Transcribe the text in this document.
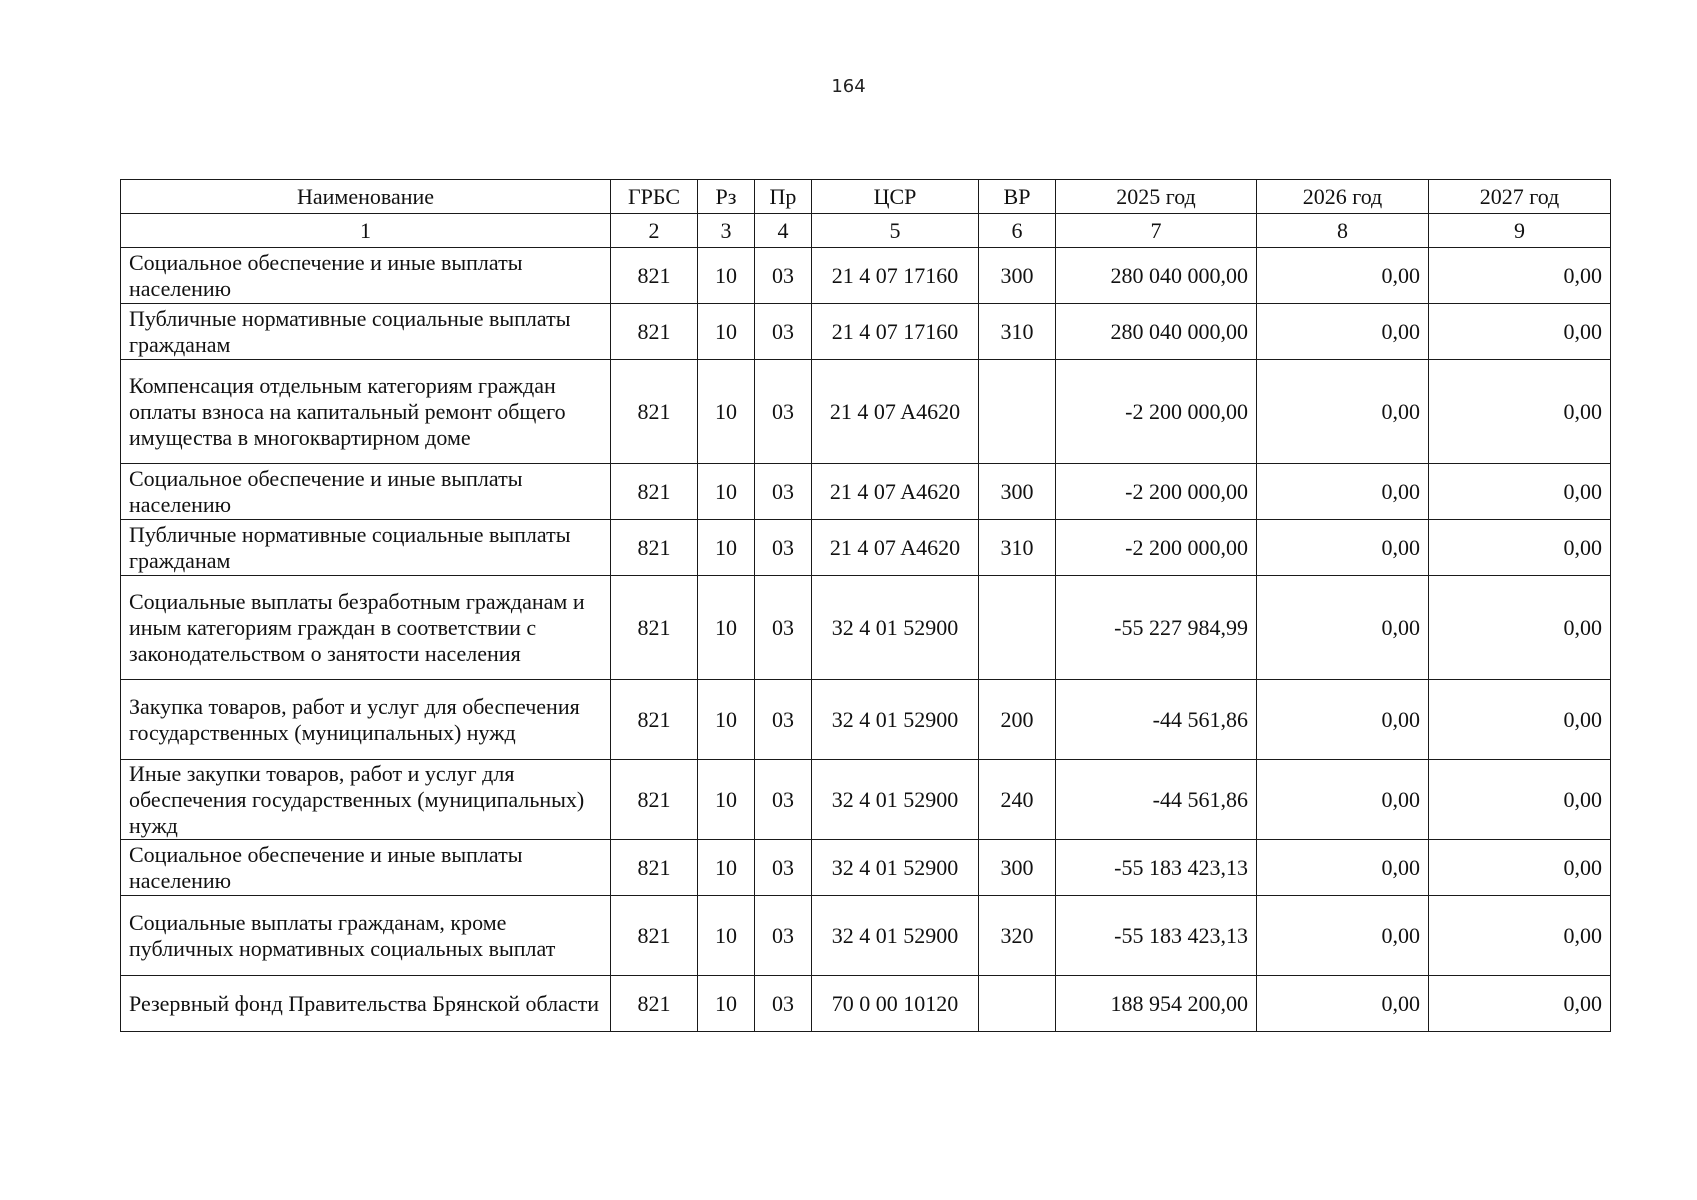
164
Наименование	ГРБС	Рз	Пр	ЦСР	ВР	2025 год	2026 год	2027 год
1	2	3	4	5	6	7	8	9
Социальное обеспечение и иные выплаты населению	821	10	03	21 4 07 17160	300	280 040 000,00	0,00	0,00
Публичные нормативные социальные выплаты гражданам	821	10	03	21 4 07 17160	310	280 040 000,00	0,00	0,00
Компенсация отдельным категориям граждан оплаты взноса на капитальный ремонт общего имущества в многоквартирном доме	821	10	03	21 4 07 A4620		-2 200 000,00	0,00	0,00
Социальное обеспечение и иные выплаты населению	821	10	03	21 4 07 A4620	300	-2 200 000,00	0,00	0,00
Публичные нормативные социальные выплаты гражданам	821	10	03	21 4 07 A4620	310	-2 200 000,00	0,00	0,00
Социальные выплаты безработным гражданам и иным категориям граждан в соответствии с законодательством о занятости населения	821	10	03	32 4 01 52900		-55 227 984,99	0,00	0,00
Закупка товаров, работ и услуг для обеспечения государственных (муниципальных) нужд	821	10	03	32 4 01 52900	200	-44 561,86	0,00	0,00
Иные закупки товаров, работ и услуг для обеспечения государственных (муниципальных) нужд	821	10	03	32 4 01 52900	240	-44 561,86	0,00	0,00
Социальное обеспечение и иные выплаты населению	821	10	03	32 4 01 52900	300	-55 183 423,13	0,00	0,00
Социальные выплаты гражданам, кроме публичных нормативных социальных выплат	821	10	03	32 4 01 52900	320	-55 183 423,13	0,00	0,00
Резервный фонд Правительства Брянской области	821	10	03	70 0 00 10120		188 954 200,00	0,00	0,00
